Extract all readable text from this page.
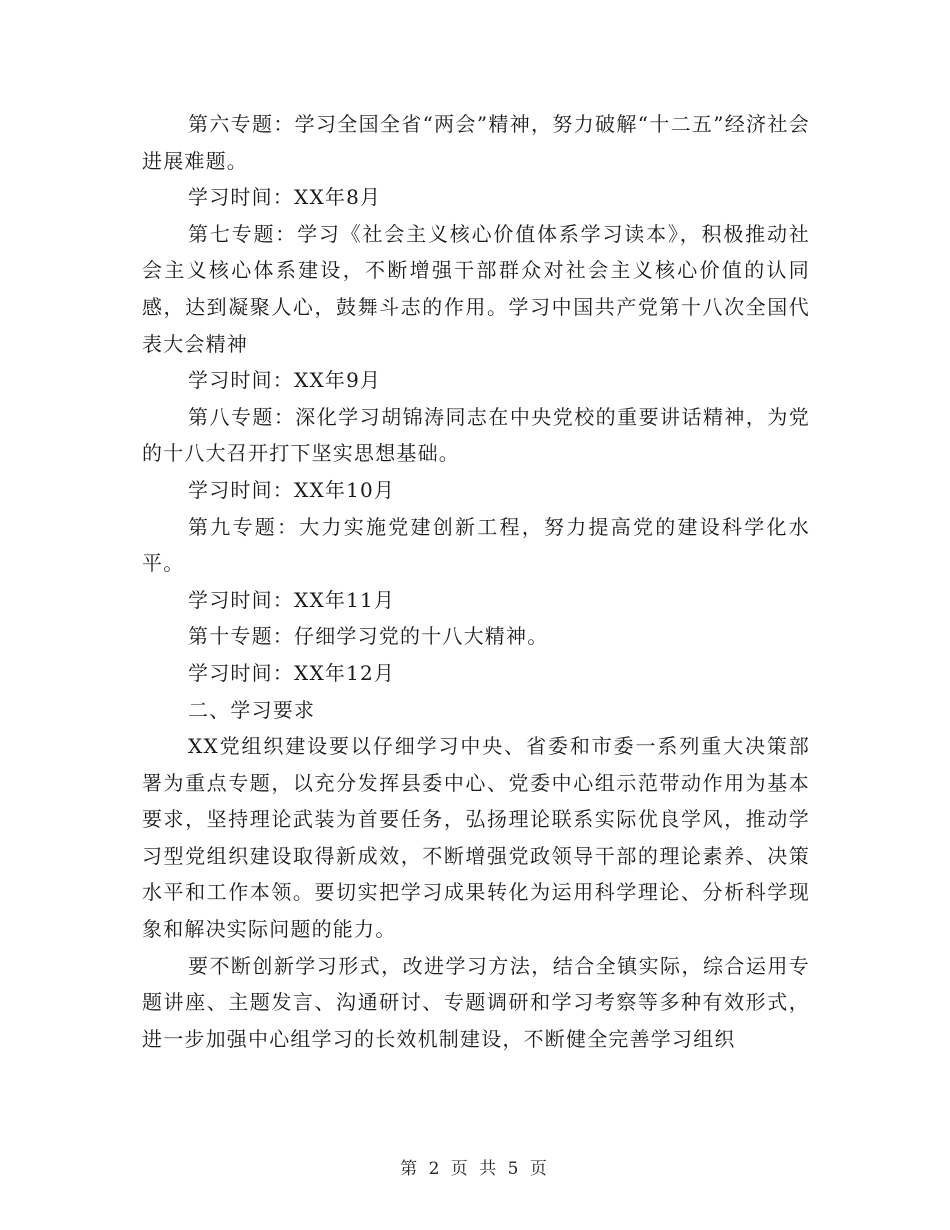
第六专题：学习全国全省“两会”精神，努力破解“十二五”经济社会进展难题。

学习时间：XX年8月

第七专题：学习《社会主义核心价值体系学习读本》，积极推动社会主义核心体系建设，不断增强干部群众对社会主义核心价值的认同感，达到凝聚人心，鼓舞斗志的作用。学习中国共产党第十八次全国代表大会精神

学习时间：XX年9月

第八专题：深化学习胡锦涛同志在中央党校的重要讲话精神，为党的十八大召开打下坚实思想基础。

学习时间：XX年10月

第九专题：大力实施党建创新工程，努力提高党的建设科学化水平。

学习时间：XX年11月

第十专题：仔细学习党的十八大精神。

学习时间：XX年12月

二、学习要求

XX党组织建设要以仔细学习中央、省委和市委一系列重大决策部署为重点专题，以充分发挥县委中心、党委中心组示范带动作用为基本要求，坚持理论武装为首要任务，弘扬理论联系实际优良学风，推动学习型党组织建设取得新成效，不断增强党政领导干部的理论素养、决策水平和工作本领。要切实把学习成果转化为运用科学理论、分析科学现象和解决实际问题的能力。

要不断创新学习形式，改进学习方法，结合全镇实际，综合运用专题讲座、主题发言、沟通研讨、专题调研和学习考察等多种有效形式，进一步加强中心组学习的长效机制建设，不断健全完善学习组织

第 2 页 共 5 页
